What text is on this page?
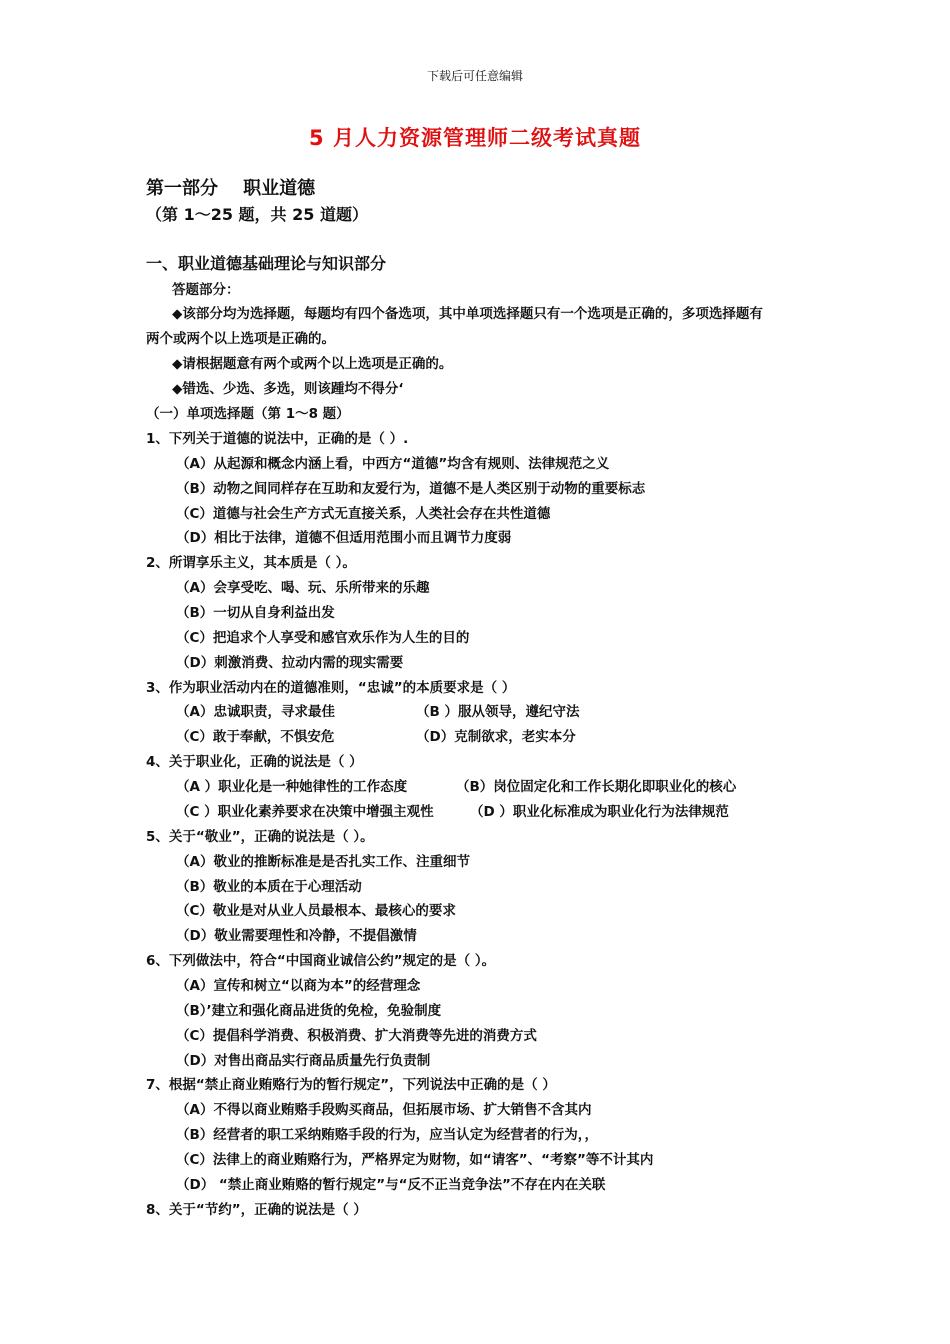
下载后可任意编辑
5 月人力资源管理师二级考试真题
第一部分    职业道德
（第 1～25 题，共 25 道题）
一、职业道德基础理论与知识部分
答题部分：
◆该部分均为选择题，每题均有四个备选项，其中单项选择题只有一个选项是正确的，多项选择题有
两个或两个以上选项是正确的。
◆请根据题意有两个或两个以上选项是正确的。
◆错选、少选、多选，则该踵均不得分‘
（一）单项选择题（第 1～8 题）
1、下列关于道德的说法中，正确的是（ ）.
（A）从起源和概念内涵上看，中西方“道德”均含有规则、法律规范之义
（B）动物之间同样存在互助和友爱行为，道德不是人类区别于动物的重要标志
（C）道德与社会生产方式无直接关系，人类社会存在共性道德
（D）相比于法律，道德不但适用范围小而且调节力度弱
2、所谓享乐主义，其本质是（ ）。
（A）会享受吃、喝、玩、乐所带来的乐趣
（B）一切从自身利益出发
（C）把追求个人享受和感官欢乐作为人生的目的
（D）刺激消费、拉动内需的现实需要
3、作为职业活动内在的道德准则，“忠诚”的本质要求是（ ）
（A）忠诚职责，寻求最佳	（B ）服从领导，遵纪守法
（C）敢于奉献，不惧安危	（D）克制欲求，老实本分
4、关于职业化，正确的说法是（ ）
（A ）职业化是一种她律性的工作态度	（B）岗位固定化和工作长期化即职业化的核心
（C ）职业化素养要求在决策中增强主观性	（D ）职业化标准成为职业化行为法律规范
5、关于“敬业”，正确的说法是（ ）。
（A）敬业的推断标准是是否扎实工作、注重细节
（B）敬业的本质在于心理活动
（C）敬业是对从业人员最根本、最核心的要求
（D）敬业需要理性和冷静，不提倡激情
6、下列做法中，符合“中国商业诚信公约”规定的是（ ）。
（A）宣传和树立“以商为本”的经营理念
（B）’建立和强化商品进货的免检，免验制度
（C）提倡科学消费、积极消费、扩大消费等先进的消费方式
（D）对售出商品实行商品质量先行负责制
7、根据“禁止商业贿赂行为的暂行规定”，下列说法中正确的是（ ）
（A）不得以商业贿赂手段购买商品，但拓展市场、扩大销售不含其内
（B）经营者的职工采纳贿赂手段的行为，应当认定为经营者的行为，，
（C）法律上的商业贿赂行为，严格界定为财物，如“请客”、“考察”等不计其内
（D） “禁止商业贿赂的暂行规定”与“反不正当竞争法”不存在内在关联
8、关于“节约”，正确的说法是（ ）
